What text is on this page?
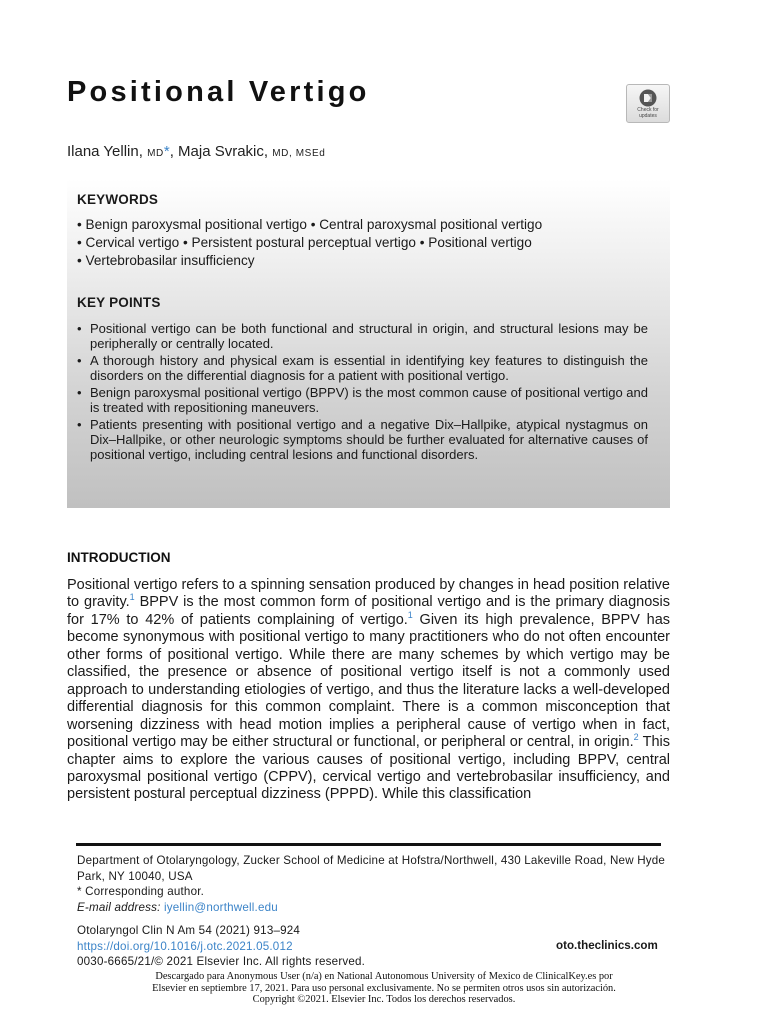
Positional Vertigo
Check for
updates
Ilana Yellin, MD*, Maja Svrakic, MD, MSEd
KEYWORDS
• Benign paroxysmal positional vertigo • Central paroxysmal positional vertigo
• Cervical vertigo • Persistent postural perceptual vertigo • Positional vertigo
• Vertebrobasilar insufficiency
KEY POINTS
• Positional vertigo can be both functional and structural in origin, and structural lesions may be peripherally or centrally located.
• A thorough history and physical exam is essential in identifying key features to distinguish the disorders on the differential diagnosis for a patient with positional vertigo.
• Benign paroxysmal positional vertigo (BPPV) is the most common cause of positional vertigo and is treated with repositioning maneuvers.
• Patients presenting with positional vertigo and a negative Dix–Hallpike, atypical nystagmus on Dix–Hallpike, or other neurologic symptoms should be further evaluated for alternative causes of positional vertigo, including central lesions and functional disorders.
INTRODUCTION

Positional vertigo refers to a spinning sensation produced by changes in head position relative to gravity.$^1$ BPPV is the most common form of positional vertigo and is the primary diagnosis for 17% to 42% of patients complaining of vertigo.$^1$ Given its high prevalence, BPPV has become synonymous with positional vertigo to many practitioners who do not often encounter other forms of positional vertigo. While there are many schemes by which vertigo may be classified, the presence or absence of positional vertigo itself is not a commonly used approach to understanding etiologies of vertigo, and thus the literature lacks a well-developed differential diagnosis for this common complaint. There is a common misconception that worsening dizziness with head motion implies a peripheral cause of vertigo when in fact, positional vertigo may be either structural or functional, or peripheral or central, in origin.$^2$ This chapter aims to explore the various causes of positional vertigo, including BPPV, central paroxysmal positional vertigo (CPPV), cervical vertigo and vertebrobasilar insufficiency, and persistent postural perceptual dizziness (PPPD). While this classification

Department of Otolaryngology, Zucker School of Medicine at Hofstra/Northwell, 430 Lakeville Road, New Hyde Park, NY 10040, USA
* Corresponding author.
E-mail address: iyellin@northwell.edu
Otolaryngol Clin N Am 54 (2021) 913–924
https://doi.org/10.1016/j.otc.2021.05.012
0030-6665/21/© 2021 Elsevier Inc. All rights reserved.
oto.theclinics.com
Descargado para Anonymous User (n/a) en National Autonomous University of Mexico de ClinicalKey.es por Elsevier en septiembre 17, 2021. Para uso personal exclusivamente. No se permiten otros usos sin autorización. Copyright ©2021. Elsevier Inc. Todos los derechos reservados.
